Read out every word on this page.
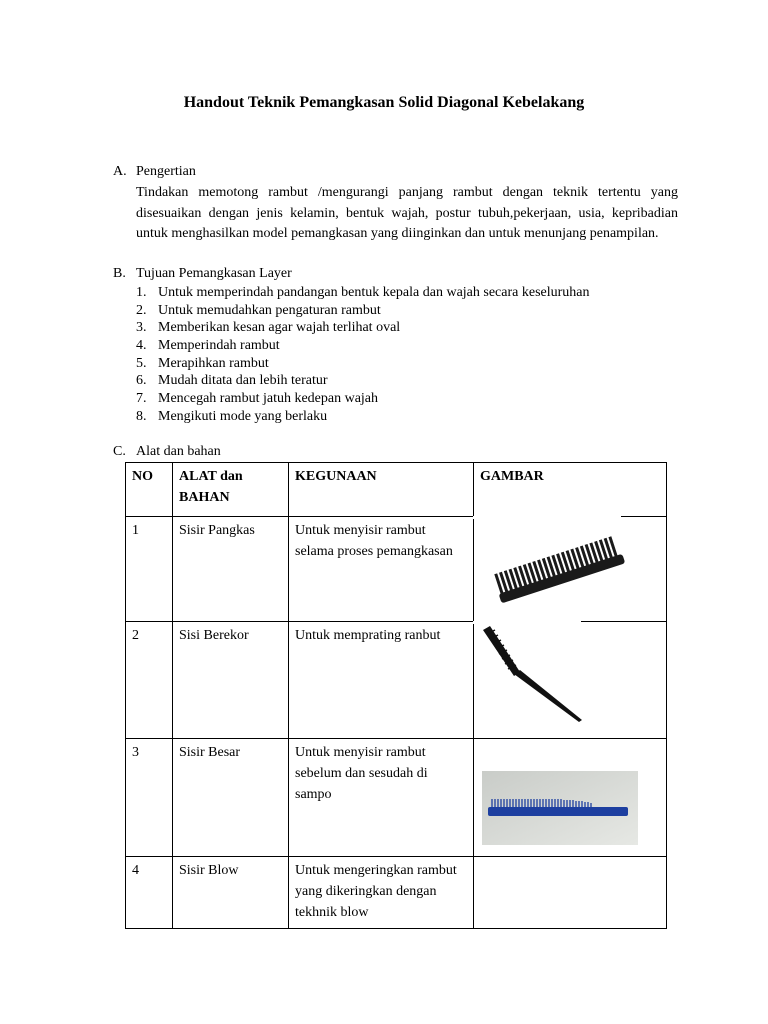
Handout Teknik Pemangkasan Solid Diagonal Kebelakang
A. Pengertian
Tindakan memotong rambut /mengurangi panjang rambut dengan teknik tertentu yang disesuaikan dengan jenis kelamin, bentuk wajah, postur tubuh,pekerjaan, usia, kepribadian untuk menghasilkan model pemangkasan yang diinginkan dan untuk menunjang penampilan.
B. Tujuan Pemangkasan Layer
1. Untuk memperindah pandangan bentuk kepala dan wajah secara keseluruhan
2. Untuk memudahkan pengaturan rambut
3. Memberikan kesan agar wajah terlihat oval
4. Memperindah rambut
5. Merapihkan rambut
6. Mudah ditata dan lebih teratur
7. Mencegah rambut jatuh kedepan wajah
8. Mengikuti mode yang berlaku
C. Alat dan bahan
NO	ALAT dan BAHAN	KEGUNAAN	GAMBAR
1	Sisir Pangkas	Untuk menyisir rambut selama proses pemangkasan	

2	Sisi Berekor	Untuk memprating ranbut	

3	Sisir Besar	Untuk menyisir rambut sebelum dan sesudah di sampo	

4	Sisir Blow	Untuk mengeringkan rambut yang dikeringkan dengan tekhnik blow	
